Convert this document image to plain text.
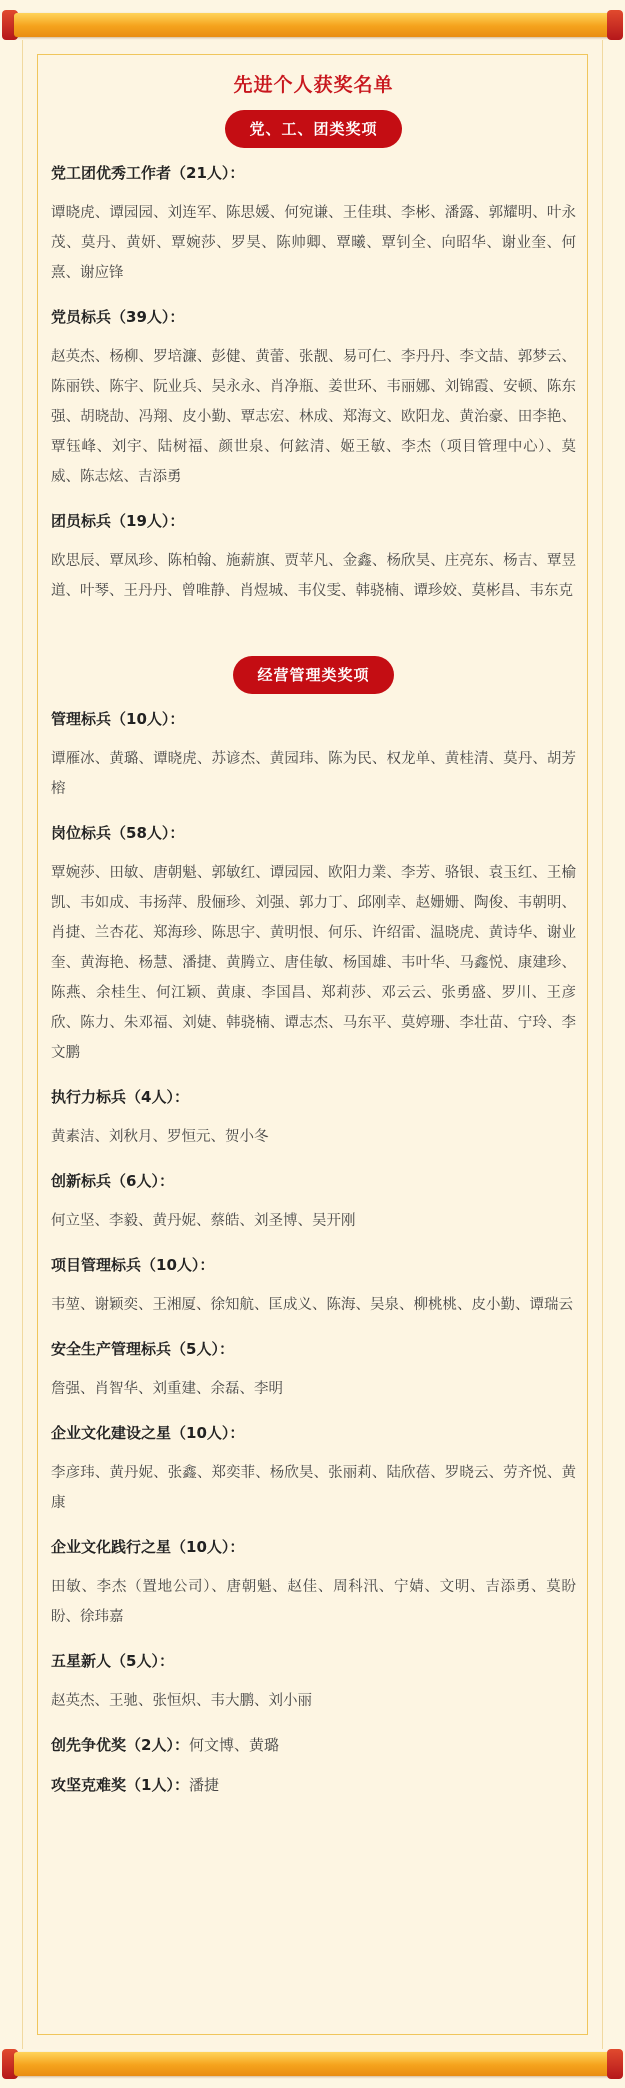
先进个人获奖名单
党、工、团类奖项
党工团优秀工作者（21人）：
谭晓虎、谭园园、刘连军、陈思媛、何宛谦、王佳琪、李彬、潘露、郭耀明、叶永茂、莫丹、黄妍、覃婉莎、罗昊、陈帅卿、覃曦、覃钊全、向昭华、谢业奎、何熹、谢应锋
党员标兵（39人）：
赵英杰、杨柳、罗培濂、彭健、黄蕾、张靓、易可仁、李丹丹、李文喆、郭梦云、陈丽铁、陈宇、阮业兵、吴永永、肖净瓶、姜世环、韦丽娜、刘锦霞、安顿、陈东强、胡晓劼、冯翔、皮小勤、覃志宏、林成、郑海文、欧阳龙、黄治豪、田李艳、覃钰峰、刘宇、陆树福、颜世泉、何鉉清、姬王敏、李杰（项目管理中心）、莫威、陈志炫、吉添勇
团员标兵（19人）：
欧思辰、覃凤珍、陈柏翰、施薪旗、贾苹凡、金鑫、杨欣昊、庄亮东、杨吉、覃昱道、叶琴、王丹丹、曾唯静、肖煜城、韦仪雯、韩骁楠、谭珍姣、莫彬昌、韦东克
经营管理类奖项
管理标兵（10人）：
谭雁冰、黄璐、谭晓虎、苏谚杰、黄园玮、陈为民、权龙单、黄桂清、莫丹、胡芳榕
岗位标兵（58人）：
覃婉莎、田敏、唐朝魁、郭敏红、谭园园、欧阳力業、李芳、骆银、袁玉红、王榆凯、韦如成、韦扬萍、殷俪珍、刘强、郭力丁、邱刚幸、赵姗姗、陶俊、韦朝明、肖捷、兰杏花、郑海珍、陈思宇、黄明恨、何乐、许绍雷、温晓虎、黄诗华、谢业奎、黄海艳、杨慧、潘捷、黄腾立、唐佳敏、杨国雄、韦叶华、马鑫悦、康建珍、陈燕、余桂生、何江颖、黄康、李国昌、郑莉莎、邓云云、张勇盛、罗川、王彦欣、陈力、朱邓福、刘婕、韩骁楠、谭志杰、马东平、莫婷珊、李壮苗、宁玲、李文鹏
执行力标兵（4人）：
黄素洁、刘秋月、罗恒元、贺小冬
创新标兵（6人）：
何立坚、李毅、黄丹妮、蔡皓、刘圣博、吴开刚
项目管理标兵（10人）：
韦堃、谢颖奕、王湘厦、徐知航、匡成义、陈海、吴泉、柳桃桃、皮小勤、谭瑞云
安全生产管理标兵（5人）：
詹强、肖智华、刘重建、余磊、李明
企业文化建设之星（10人）：
李彦玮、黄丹妮、张鑫、郑奕菲、杨欣昊、张丽莉、陆欣蓓、罗晓云、劳齐悦、黄康
企业文化践行之星（10人）：
田敏、李杰（置地公司）、唐朝魁、赵佳、周科汛、宁婧、文明、吉添勇、莫盼盼、徐玮嘉
五星新人（5人）：
赵英杰、王驰、张恒炽、韦大鹏、刘小丽
创先争优奖（2人）：何文博、黄璐
攻坚克难奖（1人）：潘捷
